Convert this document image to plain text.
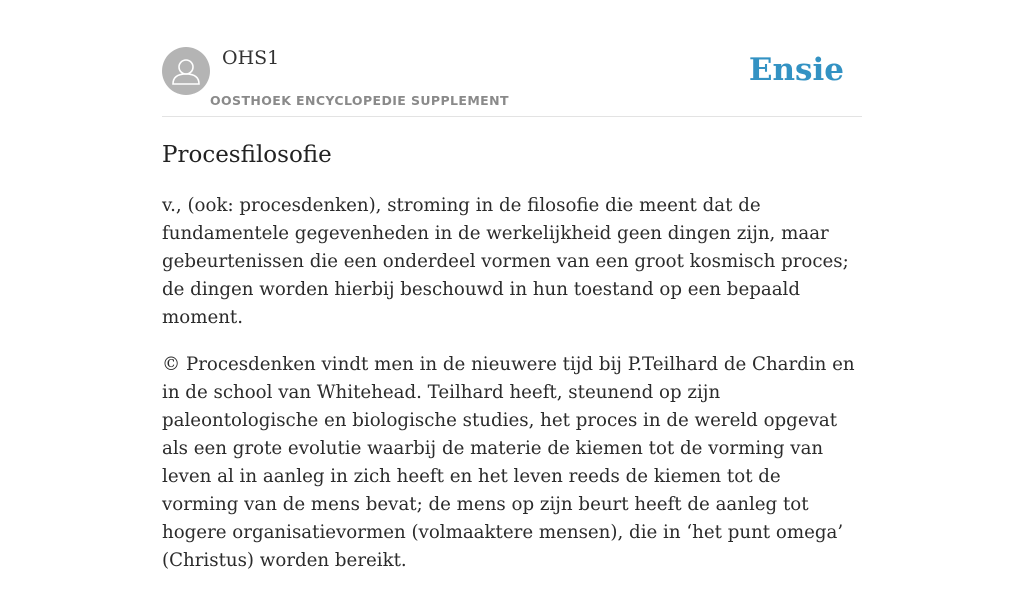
OHS1
OOSTHOEK ENCYCLOPEDIE SUPPLEMENT
Ensie
Procesfilosofie

v., (ook: procesdenken), stroming in de filosofie die meent dat de fundamentele gegevenheden in de werkelijkheid geen dingen zijn, maar gebeurtenissen die een onderdeel vormen van een groot kosmisch proces; de dingen worden hierbij beschouwd in hun toestand op een bepaald moment.

© Procesdenken vindt men in de nieuwere tijd bij P.Teilhard de Chardin en in de school van Whitehead. Teilhard heeft, steunend op zijn paleontologische en biologische studies, het proces in de wereld opgevat als een grote evolutie waarbij de materie de kiemen tot de vorming van leven al in aanleg in zich heeft en het leven reeds de kiemen tot de vorming van de mens bevat; de mens op zijn beurt heeft de aanleg tot hogere organisatievormen (volmaaktere mensen), die in ‘het punt omega’ (Christus) worden bereikt.
